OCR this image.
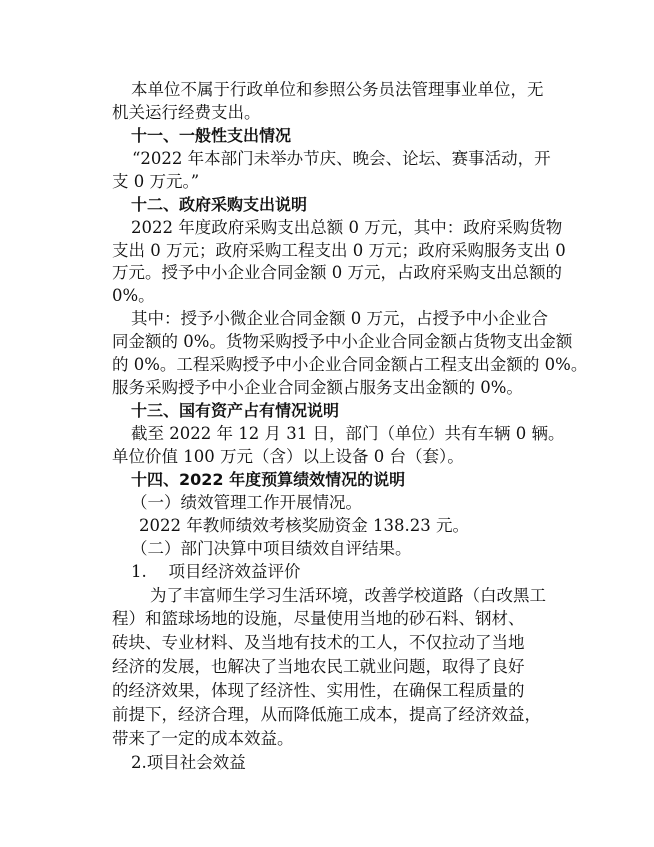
本单位不属于行政单位和参照公务员法管理事业单位，无
机关运行经费支出。
十一、一般性支出情况
“2022 年本部门未举办节庆、晚会、论坛、赛事活动，开
支 0 万元。”
十二、政府采购支出说明
2022 年度政府采购支出总额 0 万元，其中：政府采购货物
支出 0 万元；政府采购工程支出 0 万元；政府采购服务支出 0
万元。授予中小企业合同金额 0 万元，占政府采购支出总额的
0%。
其中：授予小微企业合同金额 0 万元，占授予中小企业合
同金额的 0%。货物采购授予中小企业合同金额占货物支出金额
的 0%。工程采购授予中小企业合同金额占工程支出金额的 0%。
服务采购授予中小企业合同金额占服务支出金额的 0%。
十三、国有资产占有情况说明
截至 2022 年 12 月 31 日，部门（单位）共有车辆 0 辆。
单位价值 100 万元（含）以上设备 0 台（套）。
十四、2022 年度预算绩效情况的说明
（一）绩效管理工作开展情况。
2022 年教师绩效考核奖励资金 138.23 元。
（二）部门决算中项目绩效自评结果。
1.　 项目经济效益评价
为了丰富师生学习生活环境，改善学校道路（白改黑工
程）和篮球场地的设施，尽量使用当地的砂石料、钢材、
砖块、专业材料、及当地有技术的工人，不仅拉动了当地
经济的发展，也解决了当地农民工就业问题，取得了良好
的经济效果，体现了经济性、实用性，在确保工程质量的
前提下，经济合理，从而降低施工成本，提高了经济效益，
带来了一定的成本效益。
2.项目社会效益
